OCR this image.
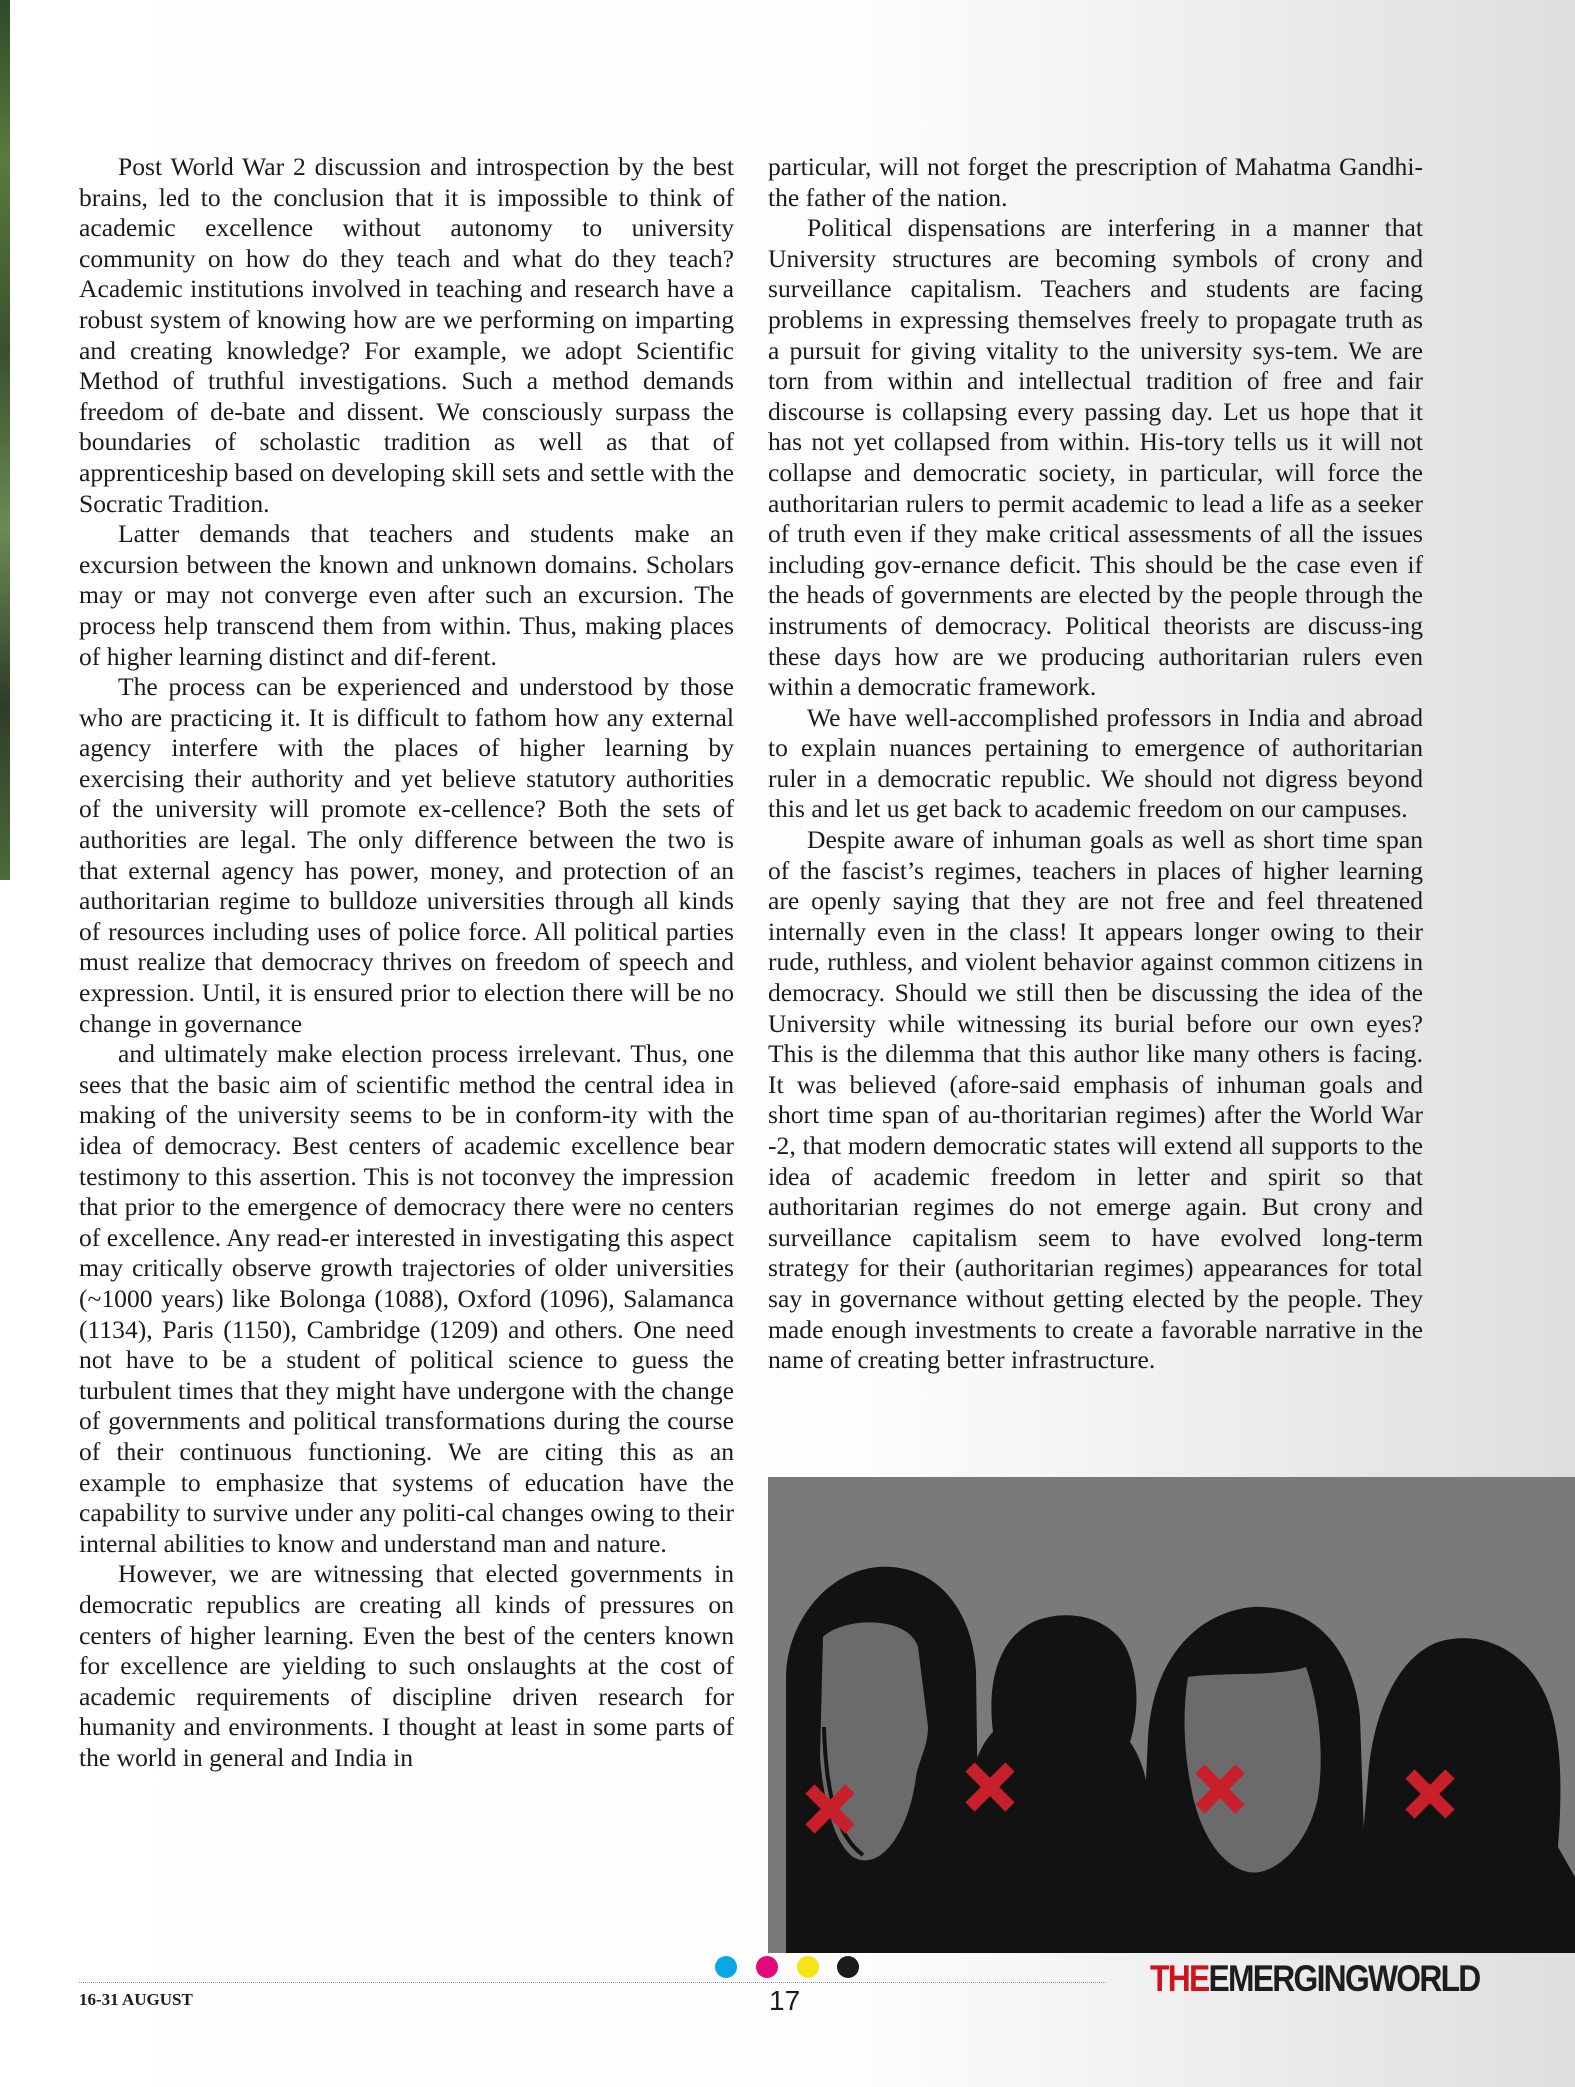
Post World War 2 discussion and introspection by the best brains, led to the conclusion that it is impossible to think of academic excellence without autonomy to university community on how do they teach and what do they teach? Academic institutions involved in teaching and research have a robust system of knowing how are we performing on imparting and creating knowledge? For example, we adopt Scientific Method of truthful investigations. Such a method demands freedom of de-bate and dissent. We consciously surpass the boundaries of scholastic tradition as well as that of apprenticeship based on developing skill sets and settle with the Socratic Tradition.

Latter demands that teachers and students make an excursion between the known and unknown domains. Scholars may or may not converge even after such an excursion. The process help transcend them from within. Thus, making places of higher learning distinct and dif-ferent.

The process can be experienced and understood by those who are practicing it. It is difficult to fathom how any external agency interfere with the places of higher learning by exercising their authority and yet believe statutory authorities of the university will promote ex-cellence? Both the sets of authorities are legal. The only difference between the two is that external agency has power, money, and protection of an authoritarian regime to bulldoze universities through all kinds of resources including uses of police force. All political parties must realize that democracy thrives on freedom of speech and expression. Until, it is ensured prior to election there will be no change in governance

and ultimately make election process irrelevant. Thus, one sees that the basic aim of scientific method the central idea in making of the university seems to be in conform-ity with the idea of democracy. Best centers of academic excellence bear testimony to this assertion. This is not toconvey the impression that prior to the emergence of democracy there were no centers of excellence. Any read-er interested in investigating this aspect may critically observe growth trajectories of older universities (~1000 years) like Bolonga (1088), Oxford (1096), Salamanca (1134), Paris (1150), Cambridge (1209) and others. One need not have to be a student of political science to guess the turbulent times that they might have undergone with the change of governments and political transformations during the course of their continuous functioning. We are citing this as an example to emphasize that systems of education have the capability to survive under any politi-cal changes owing to their internal abilities to know and understand man and nature.

However, we are witnessing that elected governments in democratic republics are creating all kinds of pressures on centers of higher learning. Even the best of the centers known for excellence are yielding to such onslaughts at the cost of academic requirements of discipline driven research for humanity and environments. I thought at least in some parts of the world in general and India in

particular, will not forget the prescription of Mahatma Gandhi-the father of the nation.

Political dispensations are interfering in a manner that University structures are becoming symbols of crony and surveillance capitalism. Teachers and students are facing problems in expressing themselves freely to propagate truth as a pursuit for giving vitality to the university sys-tem. We are torn from within and intellectual tradition of free and fair discourse is collapsing every passing day. Let us hope that it has not yet collapsed from within. His-tory tells us it will not collapse and democratic society, in particular, will force the authoritarian rulers to permit academic to lead a life as a seeker of truth even if they make critical assessments of all the issues including gov-ernance deficit. This should be the case even if the heads of governments are elected by the people through the instruments of democracy. Political theorists are discuss-ing these days how are we producing authoritarian rulers even within a democratic framework.

We have well-accomplished professors in India and abroad to explain nuances pertaining to emergence of authoritarian ruler in a democratic republic. We should not digress beyond this and let us get back to academic freedom on our campuses.

Despite aware of inhuman goals as well as short time span of the fascist’s regimes, teachers in places of higher learning are openly saying that they are not free and feel threatened internally even in the class! It appears longer owing to their rude, ruthless, and violent behavior against common citizens in democracy. Should we still then be discussing the idea of the University while witnessing its burial before our own eyes? This is the dilemma that this author like many others is facing. It was believed (afore-said emphasis of inhuman goals and short time span of au-thoritarian regimes) after the World War -2, that modern democratic states will extend all supports to the idea of academic freedom in letter and spirit so that authoritarian regimes do not emerge again. But crony and surveillance capitalism seem to have evolved long-term strategy for their (authoritarian regimes) appearances for total say in governance without getting elected by the people. They made enough investments to create a favorable narrative in the name of creating better infrastructure.

16-31 AUGUST	17
THEEMERGINGWORLD
